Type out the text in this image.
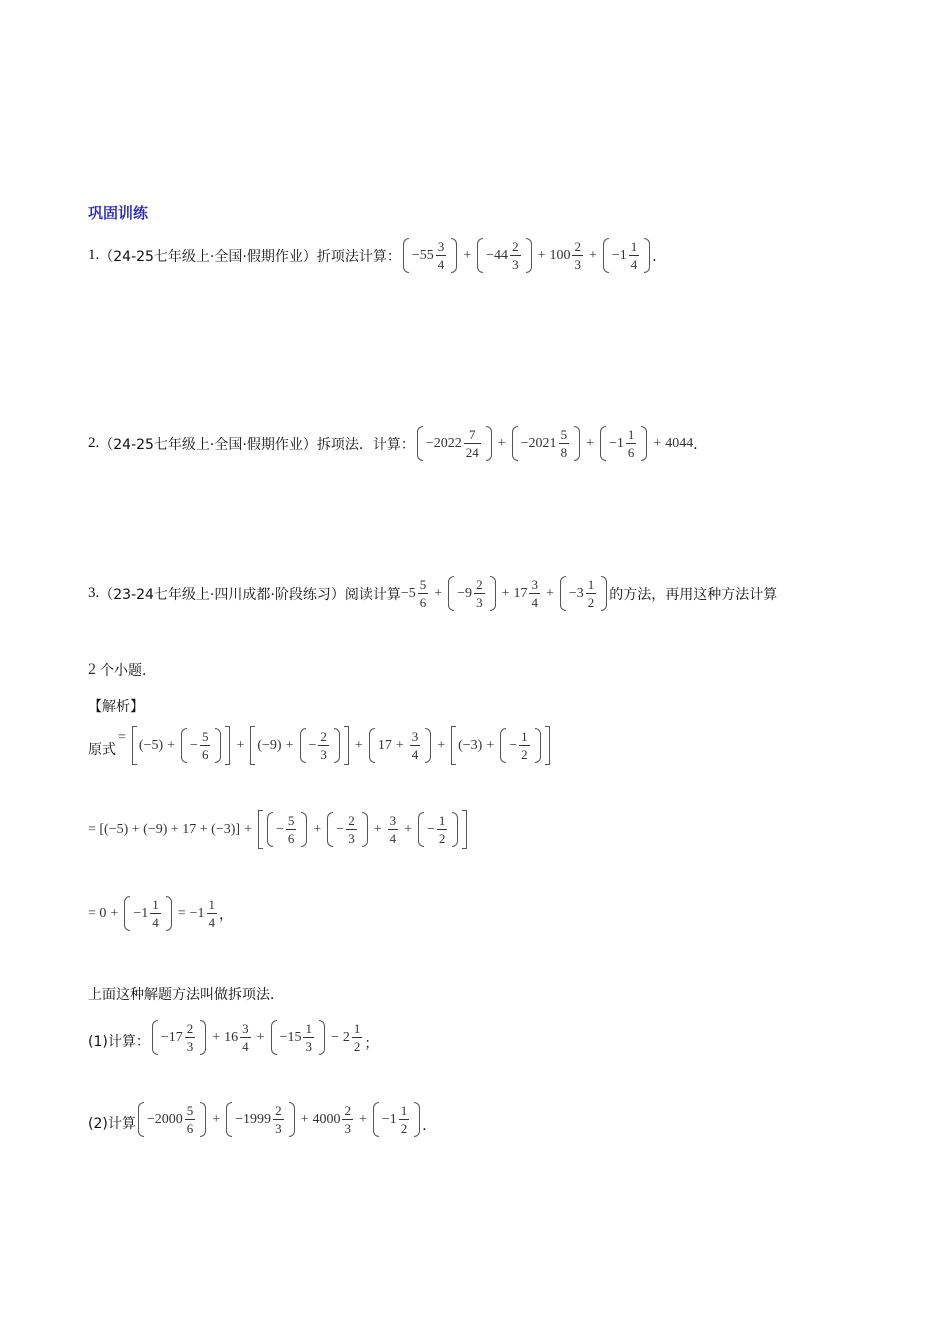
巩固训练
1. （24-25七年级上·全国·假期作业）折项法计算： $-55 \frac{3}{4} + -44 \frac{2}{3} + 100 \frac{2}{3} + -1 \frac{1}{4}$ ．
2. （24-25七年级上·全国·假期作业）拆项法．计算： $-2022 \frac{7}{24} + -2021 \frac{5}{8} + -1 \frac{1}{6} + 4044$ ．
3. （23-24七年级上·四川成都·阶段练习）阅读计算 $-5 \frac{5}{6} + -9 \frac{2}{3} + 17 \frac{3}{4} + -3 \frac{1}{2}$ 的方法，再用这种方法计算
2 个小题．
【解析】
原式
= (−5) + − $\frac{5}{6} + (-9)$ + − $\frac{2}{3} + 17 + \frac{3}{4} + (-3)$ + − $\frac{1}{2}$
= [(−5) + (−9) + 17 + (−3)] + − $\frac{5}{6}$ + − $\frac{2}{3} + \frac{3}{4}$ + − $\frac{1}{2}$
= $0 + -1 \frac{1}{4} = -1 \frac{1}{4}$ ，
上面这种解题方法叫做拆项法．
(1)计算： $-17 \frac{2}{3} + 16 \frac{3}{4} + -15 \frac{1}{3} - 2 \frac{1}{2}$ ；
(2)计算 $-2000 \frac{5}{6} + -1999 \frac{2}{3} + 4000 \frac{2}{3} + -1 \frac{1}{2}$ ．
